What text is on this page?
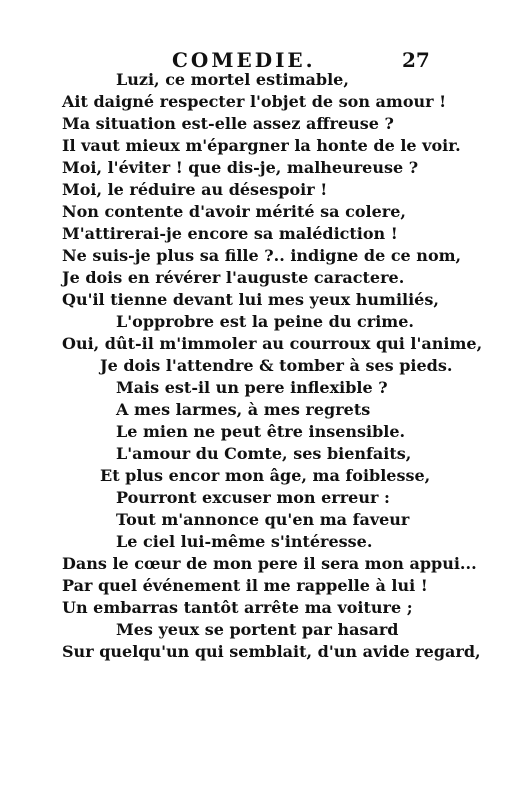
COMEDIE.	27
Luzi, ce mortel estimable,
Ait daigné respecter l'objet de son amour !
Ma situation est-elle assez affreuse ?
Il vaut mieux m'épargner la honte de le voir.
Moi, l'éviter ! que dis-je, malheureuse ?
Moi, le réduire au désespoir !
Non contente d'avoir mérité sa colere,
M'attirerai-je encore sa malédiction !
Ne suis-je plus sa fille ?.. indigne de ce nom,
Je dois en révérer l'auguste caractere.
Qu'il tienne devant lui mes yeux humiliés,
L'opprobre est la peine du crime.
Oui, dût-il m'immoler au courroux qui l'anime,
Je dois l'attendre & tomber à ses pieds.
Mais est-il un pere inflexible ?
A mes larmes, à mes regrets
Le mien ne peut être insensible.
L'amour du Comte, ses bienfaits,
Et plus encor mon âge, ma foiblesse,
Pourront excuser mon erreur :
Tout m'annonce qu'en ma faveur
Le ciel lui-même s'intéresse.
Dans le cœur de mon pere il sera mon appui...
Par quel événement il me rappelle à lui !
Un embarras tantôt arrête ma voiture ;
Mes yeux se portent par hasard
Sur quelqu'un qui semblait, d'un avide regard,
